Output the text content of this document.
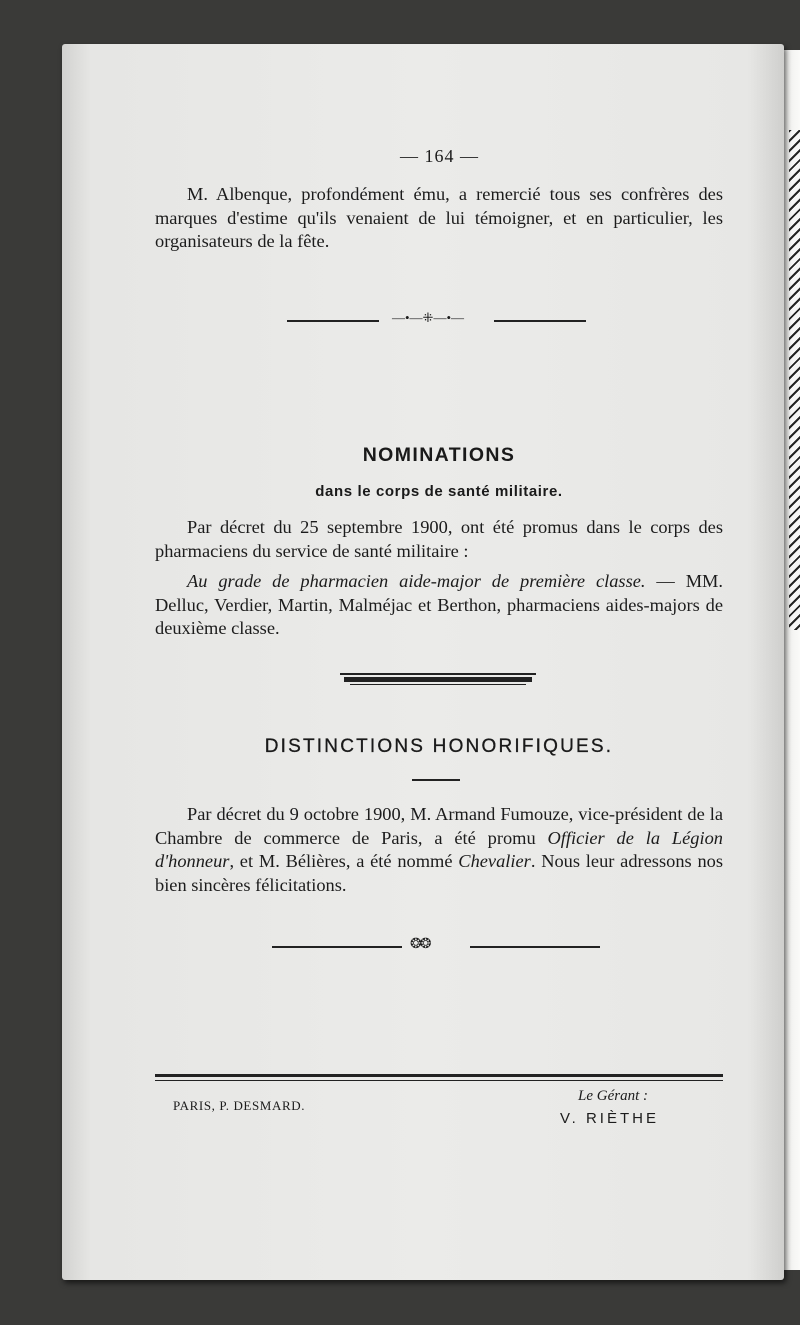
— 164 —
M. Albenque, profondément ému, a remercié tous ses confrères des marques d'estime qu'ils venaient de lui témoigner, et en particulier, les organisateurs de la fête.
—•—⁜—•—
NOMINATIONS
dans le corps de santé militaire.
Par décret du 25 septembre 1900, ont été promus dans le corps des pharmaciens du service de santé militaire :
Au grade de pharmacien aide-major de première classe. — MM. Delluc, Verdier, Martin, Malméjac et Berthon, pharmaciens aides-majors de deuxième classe.
DISTINCTIONS HONORIFIQUES.
Par décret du 9 octobre 1900, M. Armand Fumouze, vice-président de la Chambre de commerce de Paris, a été promu Officier de la Légion d'honneur, et M. Bélières, a été nommé Chevalier. Nous leur adressons nos bien sincères félicitations.
❂❂
PARIS, P. DESMARD.
Le Gérant :
V. RIÈTHE
